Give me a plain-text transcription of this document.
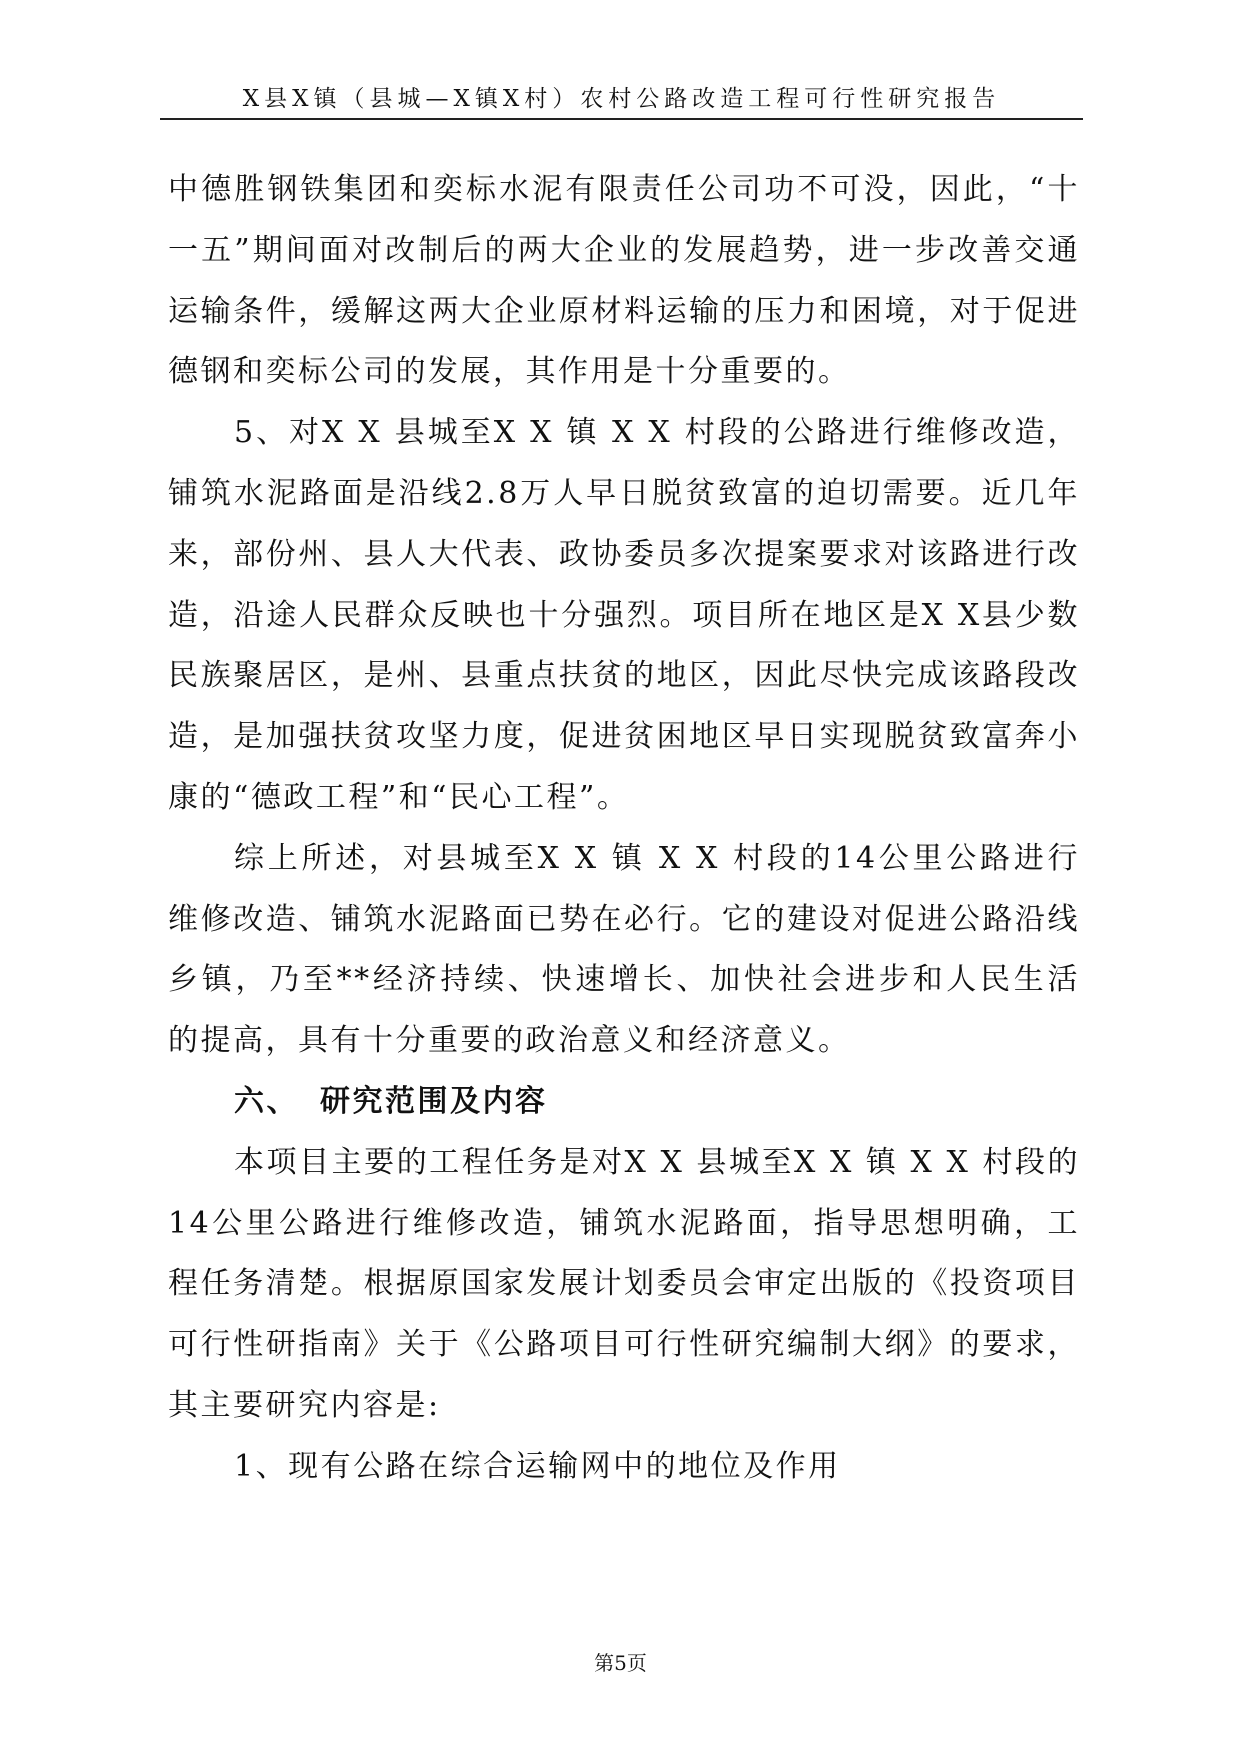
X县X镇（县城—X镇X村）农村公路改造工程可行性研究报告

中德胜钢铁集团和奕标水泥有限责任公司功不可没，因此，“十一五”期间面对改制后的两大企业的发展趋势，进一步改善交通运输条件，缓解这两大企业原材料运输的压力和困境，对于促进德钢和奕标公司的发展，其作用是十分重要的。

5、对X X 县城至X X 镇 X X 村段的公路进行维修改造，铺筑水泥路面是沿线2.8万人早日脱贫致富的迫切需要。近几年来，部份州、县人大代表、政协委员多次提案要求对该路进行改造，沿途人民群众反映也十分强烈。项目所在地区是X X县少数民族聚居区，是州、县重点扶贫的地区，因此尽快完成该路段改造，是加强扶贫攻坚力度，促进贫困地区早日实现脱贫致富奔小康的“德政工程”和“民心工程”。

综上所述，对县城至X X 镇 X X 村段的14公里公路进行维修改造、铺筑水泥路面已势在必行。它的建设对促进公路沿线乡镇，乃至**经济持续、快速增长、加快社会进步和人民生活的提高，具有十分重要的政治意义和经济意义。

六、 研究范围及内容

本项目主要的工程任务是对X X 县城至X X 镇 X X 村段的14公里公路进行维修改造，铺筑水泥路面，指导思想明确，工程任务清楚。根据原国家发展计划委员会审定出版的《投资项目可行性研指南》关于《公路项目可行性研究编制大纲》的要求，其主要研究内容是:

1、现有公路在综合运输网中的地位及作用

第5页
